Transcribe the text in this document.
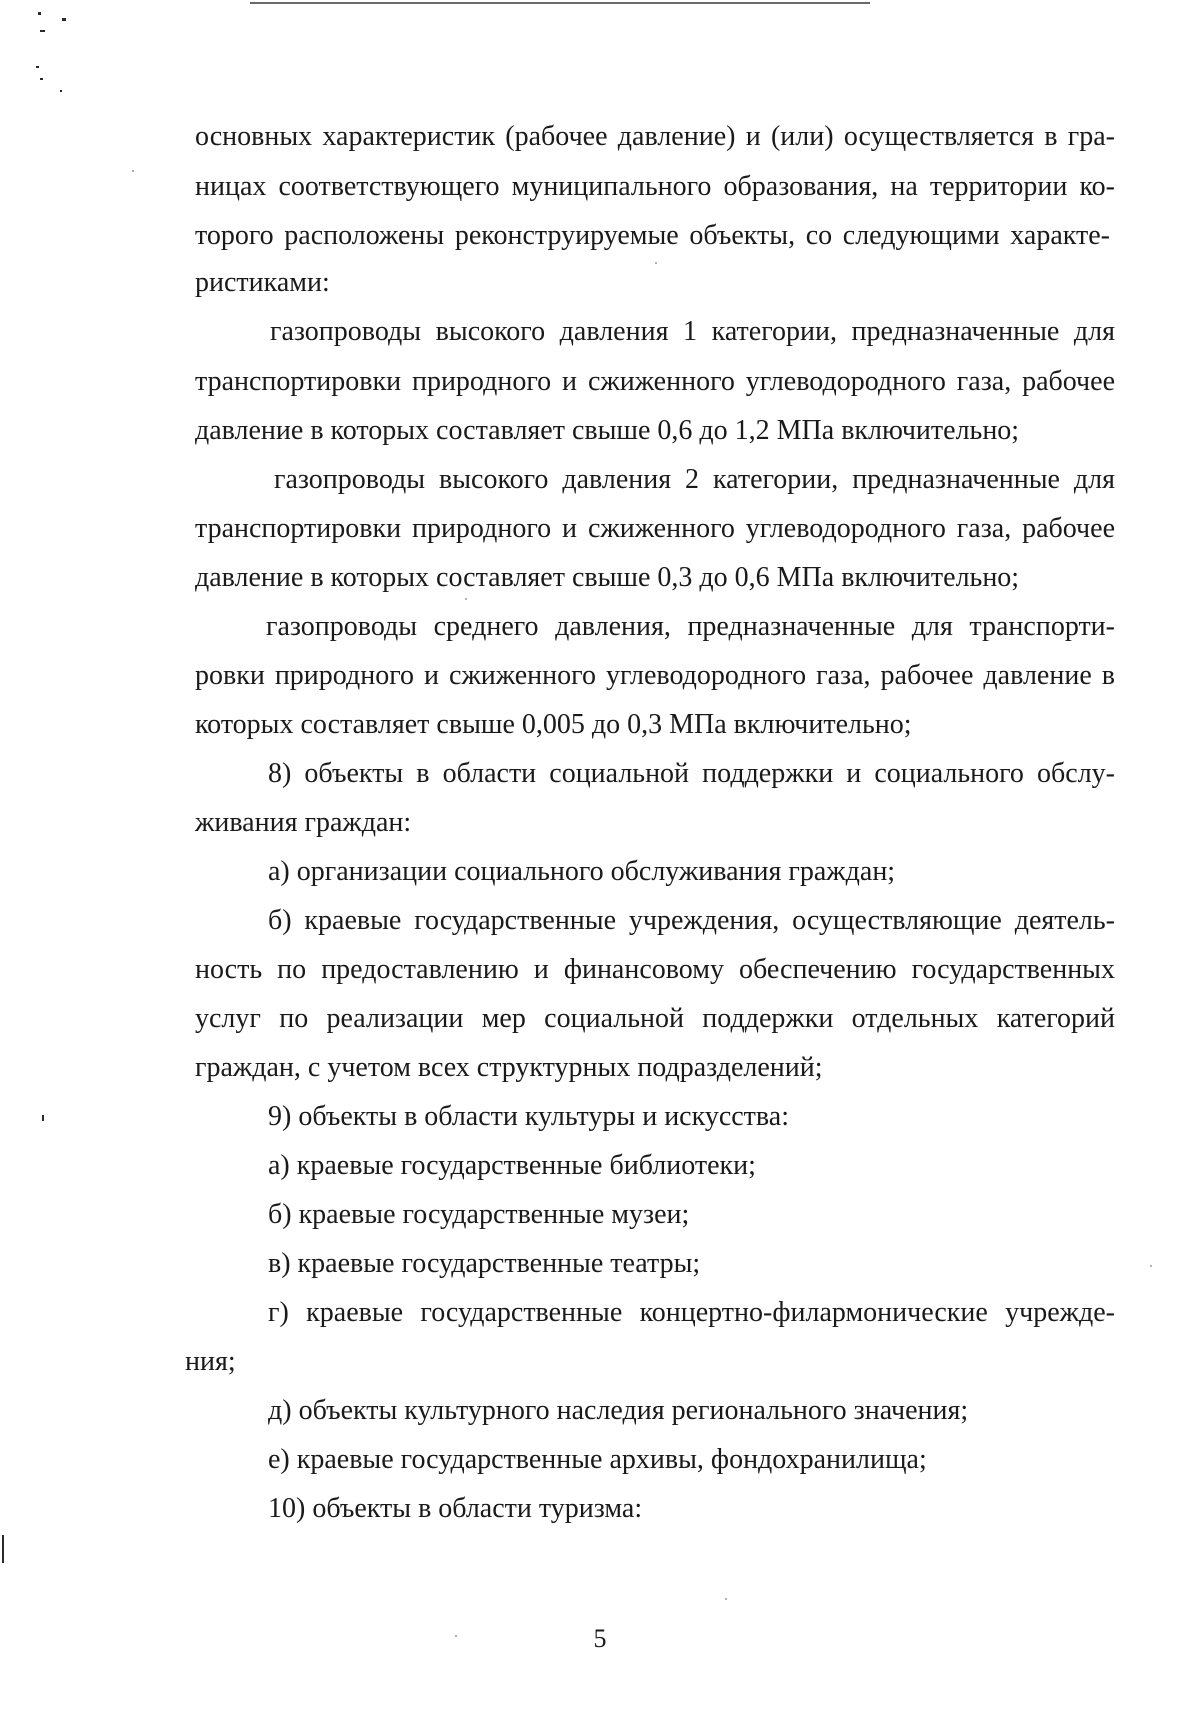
основных характеристик (рабочее давление) и (или) осуществляется в гра-
ницах соответствующего муниципального образования, на территории ко-
торого расположены реконструируемые объекты, со следующими характе-
ристиками:
газопроводы высокого давления 1 категории, предназначенные для
транспортировки природного и сжиженного углеводородного газа, рабочее
давление в которых составляет свыше 0,6 до 1,2 МПа включительно;
газопроводы высокого давления 2 категории, предназначенные для
транспортировки природного и сжиженного углеводородного газа, рабочее
давление в которых составляет свыше 0,3 до 0,6 МПа включительно;
газопроводы среднего давления, предназначенные для транспорти-
ровки природного и сжиженного углеводородного газа, рабочее давление в
которых составляет свыше 0,005 до 0,3 МПа включительно;
8) объекты в области социальной поддержки и социального обслу-
живания граждан:
а) организации социального обслуживания граждан;
б) краевые государственные учреждения, осуществляющие деятель-
ность по предоставлению и финансовому обеспечению государственных
услуг по реализации мер социальной поддержки отдельных категорий
граждан, с учетом всех структурных подразделений;
9) объекты в области культуры и искусства:
а) краевые государственные библиотеки;
б) краевые государственные музеи;
в) краевые государственные театры;
г) краевые государственные концертно-филармонические учрежде-
ния;
д) объекты культурного наследия регионального значения;
е) краевые государственные архивы, фондохранилища;
10) объекты в области туризма:
5
